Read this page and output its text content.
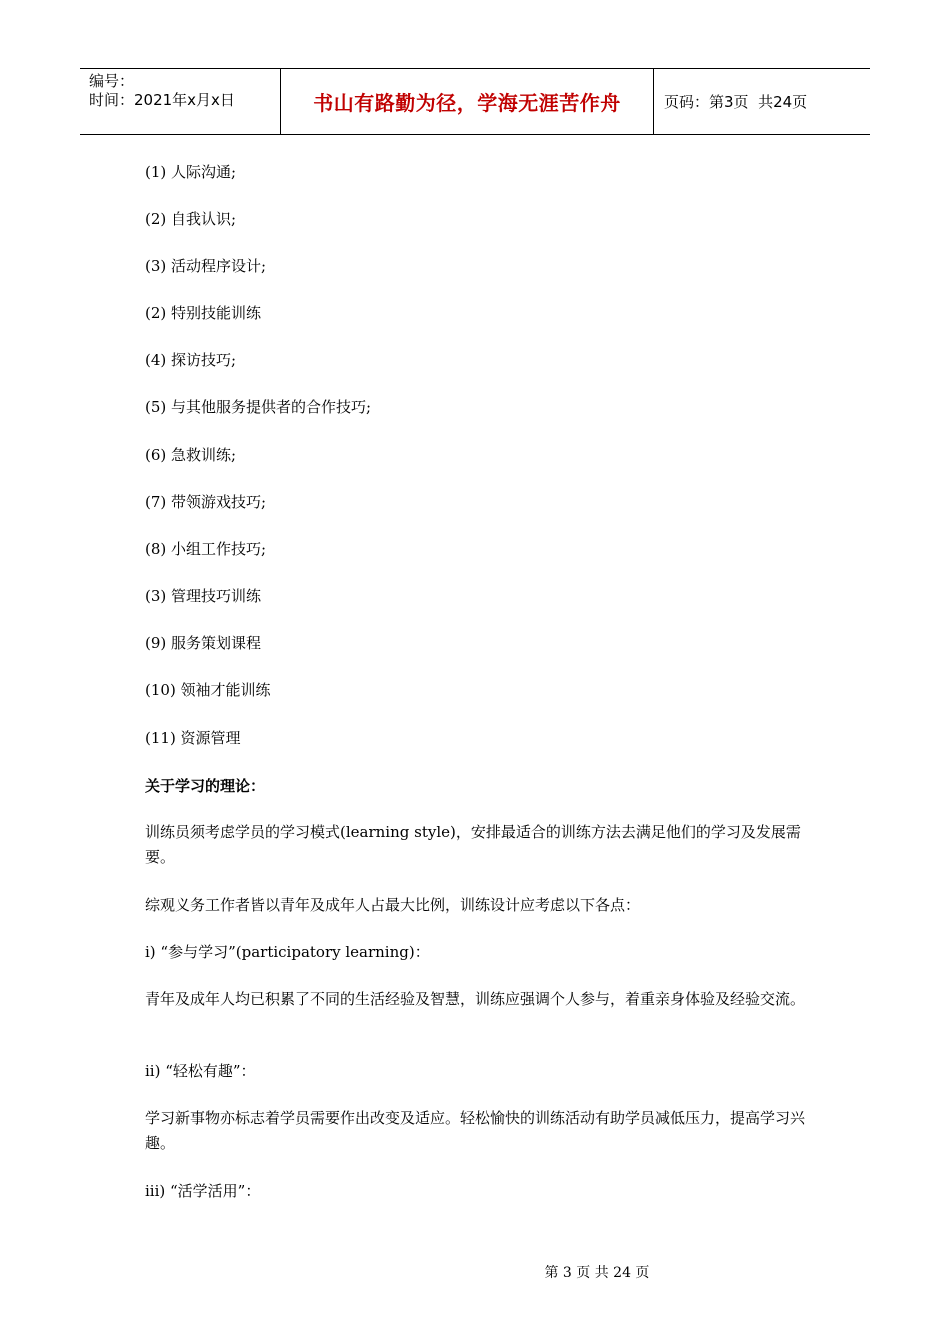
编号：
时间：2021年x月x日	书山有路勤为径，学海无涯苦作舟	页码：第3页  共24页
(1) 人际沟通;
(2) 自我认识;
(3) 活动程序设计;
(2) 特别技能训练
(4) 探访技巧;
(5) 与其他服务提供者的合作技巧;
(6) 急救训练;
(7) 带领游戏技巧;
(8) 小组工作技巧;
(3) 管理技巧训练
(9) 服务策划课程
(10) 领袖才能训练
(11) 资源管理
关于学习的理论：
训练员须考虑学员的学习模式(learning style)，安排最适合的训练方法去满足他们的学习及发展需要。
综观义务工作者皆以青年及成年人占最大比例，训练设计应考虑以下各点：
i) “参与学习”(participatory learning)：
青年及成年人均已积累了不同的生活经验及智慧，训练应强调个人参与，着重亲身体验及经验交流。
ii) “轻松有趣”：
学习新事物亦标志着学员需要作出改变及适应。轻松愉快的训练活动有助学员减低压力，提高学习兴趣。
iii) “活学活用”：

第 3 页 共 24 页
